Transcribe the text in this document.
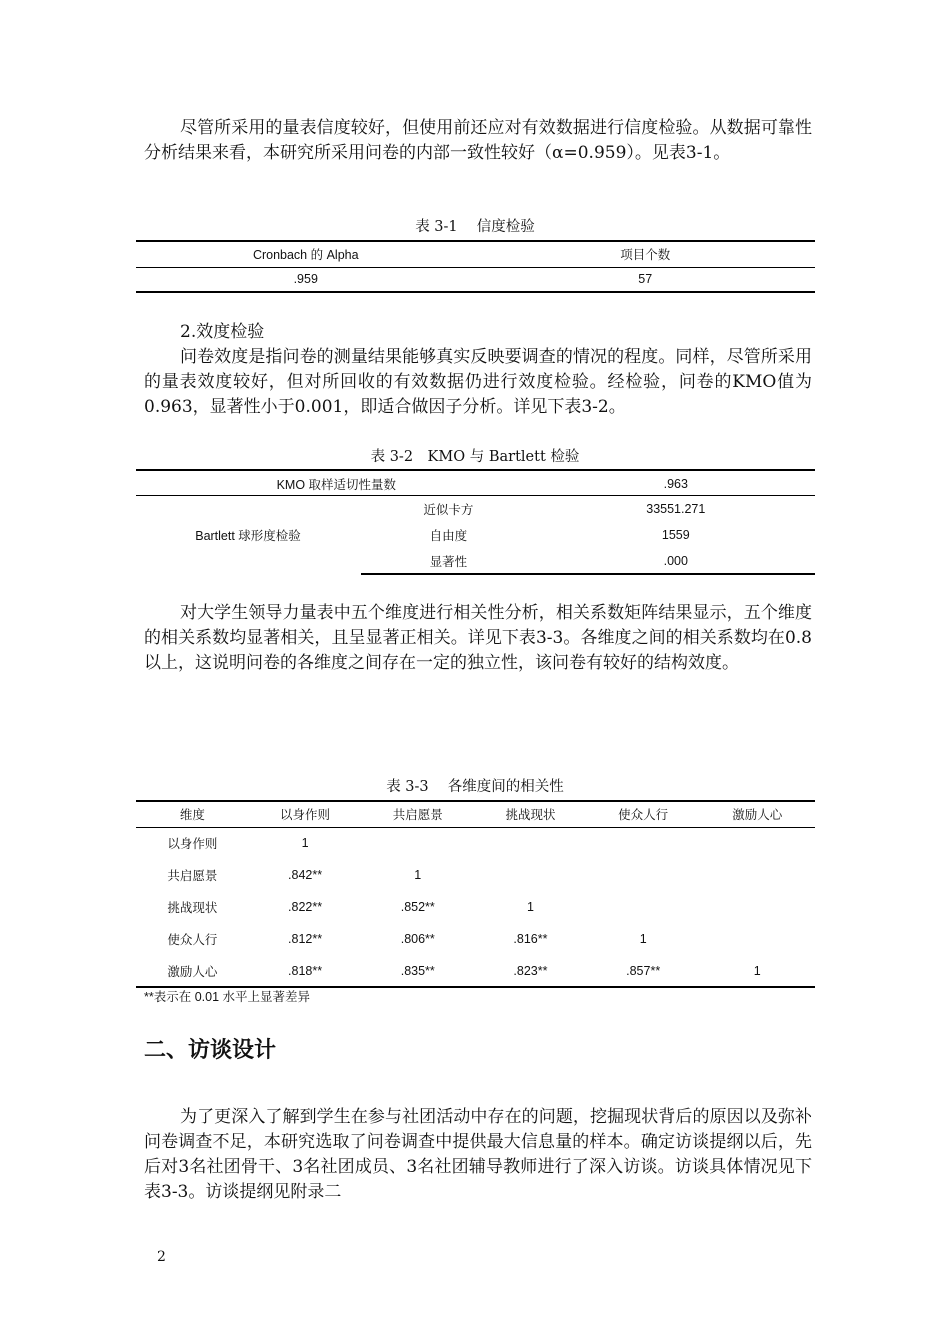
尽管所采用的量表信度较好，但使用前还应对有效数据进行信度检验。从数据可靠性分析结果来看，本研究所采用问卷的内部一致性较好（α=0.959）。见表3-1。

表 3-1　 信度检验
Cronbach 的 Alpha	项目个数
.959	57

2.效度检验

问卷效度是指问卷的测量结果能够真实反映要调查的情况的程度。同样，尽管所采用的量表效度较好，但对所回收的有效数据仍进行效度检验。经检验，问卷的KMO值为0.963，显著性小于0.001，即适合做因子分析。详见下表3-2。

表 3-2　KMO 与 Bartlett 检验
KMO 取样适切性量数		.963
Bartlett 球形度检验	近似卡方	33551.271
	自由度	1559
	显著性	.000

对大学生领导力量表中五个维度进行相关性分析，相关系数矩阵结果显示，五个维度的相关系数均显著相关，且呈显著正相关。详见下表3-3。各维度之间的相关系数均在0.8以上，这说明问卷的各维度之间存在一定的独立性，该问卷有较好的结构效度。

表 3-3　 各维度间的相关性
维度	以身作则	共启愿景	挑战现状	使众人行	激励人心
以身作则	1				
共启愿景	.842**	1			
挑战现状	.822**	.852**	1		
使众人行	.812**	.806**	.816**	1	
激励人心	.818**	.835**	.823**	.857**	1
**表示在 0.01 水平上显著差异
二、访谈设计

为了更深入了解到学生在参与社团活动中存在的问题，挖掘现状背后的原因以及弥补问卷调查不足，本研究选取了问卷调查中提供最大信息量的样本。确定访谈提纲以后，先后对3名社团骨干、3名社团成员、3名社团辅导教师进行了深入访谈。访谈具体情况见下表3-3。访谈提纲见附录二

2
